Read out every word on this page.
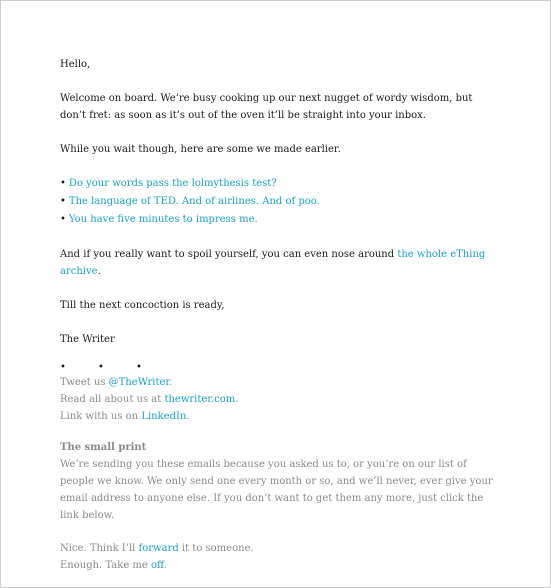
Hello,

Welcome on board. We’re busy cooking up our next nugget of wordy wisdom, but don’t fret: as soon as it’s out of the oven it’ll be straight into your inbox.

While you wait though, here are some we made earlier.

• Do your words pass the lolmythesis test?

• The language of TED. And of airlines. And of poo.

• You have five minutes to impress me.

And if you really want to spoil yourself, you can even nose around the whole eThing archive.

Till the next concoction is ready,

The Writer

•	•	•

Tweet us @TheWriter.

Read all about us at thewriter.com.

Link with us on LinkedIn.

The small print

We’re sending you these emails because you asked us to, or you’re on our list of people we know. We only send one every month or so, and we’ll never, ever give your email address to anyone else. If you don’t want to get them any more, just click the link below.

Nice. Think I’ll forward it to someone.

Enough. Take me off.
